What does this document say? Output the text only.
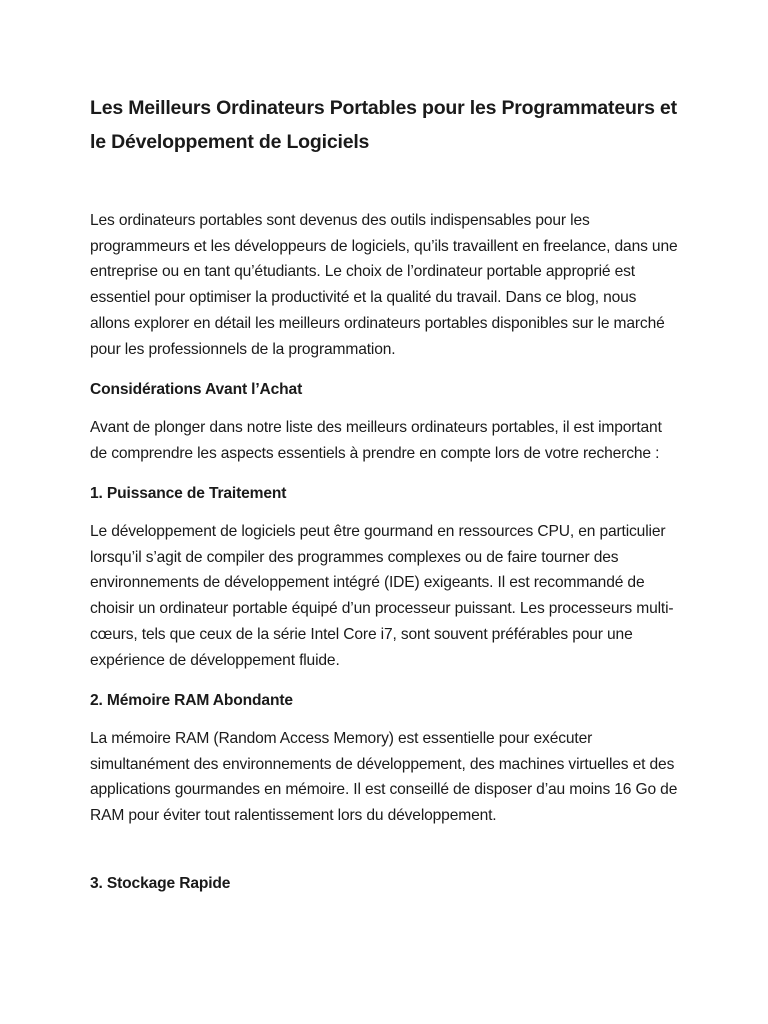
Les Meilleurs Ordinateurs Portables pour les Programmateurs et le Développement de Logiciels

Les ordinateurs portables sont devenus des outils indispensables pour les programmeurs et les développeurs de logiciels, qu’ils travaillent en freelance, dans une entreprise ou en tant qu’étudiants. Le choix de l’ordinateur portable approprié est essentiel pour optimiser la productivité et la qualité du travail. Dans ce blog, nous allons explorer en détail les meilleurs ordinateurs portables disponibles sur le marché pour les professionnels de la programmation.

Considérations Avant l’Achat

Avant de plonger dans notre liste des meilleurs ordinateurs portables, il est important de comprendre les aspects essentiels à prendre en compte lors de votre recherche :

1. Puissance de Traitement

Le développement de logiciels peut être gourmand en ressources CPU, en particulier lorsqu’il s’agit de compiler des programmes complexes ou de faire tourner des environnements de développement intégré (IDE) exigeants. Il est recommandé de choisir un ordinateur portable équipé d’un processeur puissant. Les processeurs multi-cœurs, tels que ceux de la série Intel Core i7, sont souvent préférables pour une expérience de développement fluide.

2. Mémoire RAM Abondante

La mémoire RAM (Random Access Memory) est essentielle pour exécuter simultanément des environnements de développement, des machines virtuelles et des applications gourmandes en mémoire. Il est conseillé de disposer d’au moins 16 Go de RAM pour éviter tout ralentissement lors du développement.

3. Stockage Rapide
